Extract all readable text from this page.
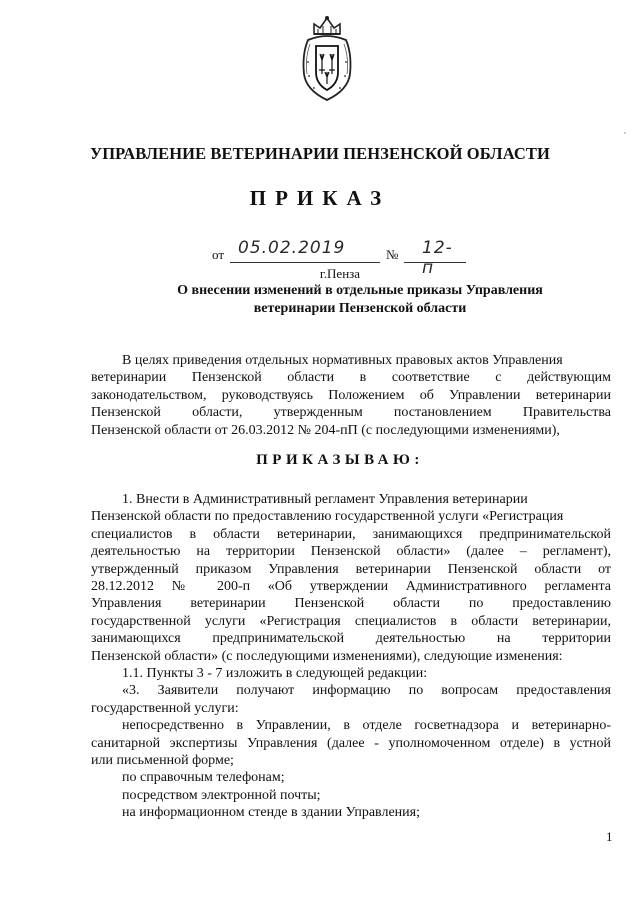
УПРАВЛЕНИЕ ВЕТЕРИНАРИИ ПЕНЗЕНСКОЙ ОБЛАСТИ
ПРИКАЗ
от 05.02.2019	№ 12-п
г.Пенза
О внесении изменений в отдельные приказы Управления
ветеринарии Пензенской области
В целях приведения отдельных нормативных правовых актов Управления
ветеринарии Пензенской области в соответствие с действующим
законодательством, руководствуясь Положением об Управлении ветеринарии
Пензенской области, утвержденным постановлением Правительства
Пензенской области от 26.03.2012 № 204-пП (с последующими изменениями),
ПРИКАЗЫВАЮ:
1. Внести в Административный регламент Управления ветеринарии
Пензенской области по предоставлению государственной услуги «Регистрация
специалистов в области ветеринарии, занимающихся предпринимательской
деятельностью на территории Пензенской области» (далее – регламент),
утвержденный приказом Управления ветеринарии Пензенской области от
28.12.2012 № 200-п «Об утверждении Административного регламента
Управления ветеринарии Пензенской области по предоставлению
государственной услуги «Регистрация специалистов в области ветеринарии,
занимающихся предпринимательской деятельностью на территории
Пензенской области» (с последующими изменениями), следующие изменения:
1.1. Пункты 3 - 7 изложить в следующей редакции:
«3. Заявители получают информацию по вопросам предоставления
государственной услуги:
непосредственно в Управлении, в отделе госветнадзора и ветеринарно-
санитарной экспертизы Управления (далее - уполномоченном отделе) в устной
или письменной форме;
по справочным телефонам;
посредством электронной почты;
на информационном стенде в здании Управления;
1
